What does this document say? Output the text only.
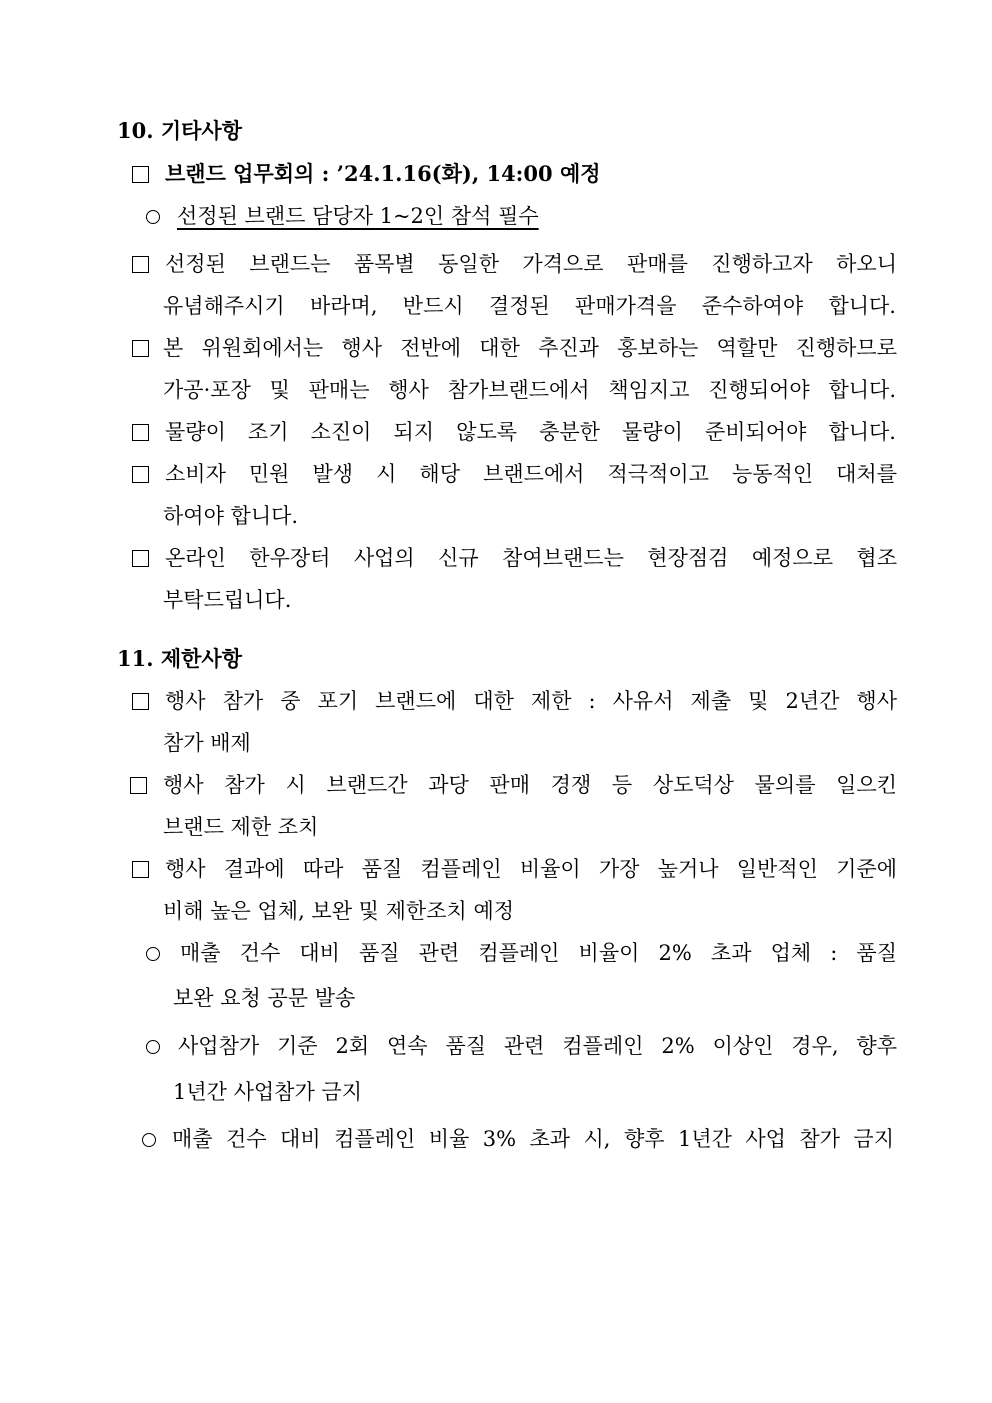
10. 기타사항
브랜드 업무회의 : ’24.1.16(화), 14:00 예정
선정된 브랜드 담당자 1~2인 참석 필수
선정된 브랜드는 품목별 동일한 가격으로 판매를 진행하고자 하오니
유념해주시기 바라며, 반드시 결정된 판매가격을 준수하여야 합니다.
본 위원회에서는 행사 전반에 대한 추진과 홍보하는 역할만 진행하므로
가공·포장 및 판매는 행사 참가브랜드에서 책임지고 진행되어야 합니다.
물량이 조기 소진이 되지 않도록 충분한 물량이 준비되어야 합니다.
소비자 민원 발생 시 해당 브랜드에서 적극적이고 능동적인 대처를
하여야 합니다.
온라인 한우장터 사업의 신규 참여브랜드는 현장점검 예정으로 협조
부탁드립니다.
11. 제한사항
행사 참가 중 포기 브랜드에 대한 제한 : 사유서 제출 및 2년간 행사
참가 배제
행사 참가 시 브랜드간 과당 판매 경쟁 등 상도덕상 물의를 일으킨
브랜드 제한 조치
행사 결과에 따라 품질 컴플레인 비율이 가장 높거나 일반적인 기준에
비해 높은 업체, 보완 및 제한조치 예정
매출 건수 대비 품질 관련 컴플레인 비율이 2% 초과 업체 : 품질
보완 요청 공문 발송
사업참가 기준 2회 연속 품질 관련 컴플레인 2% 이상인 경우, 향후
1년간 사업참가 금지
매출 건수 대비 컴플레인 비율 3% 초과 시, 향후 1년간 사업 참가 금지
